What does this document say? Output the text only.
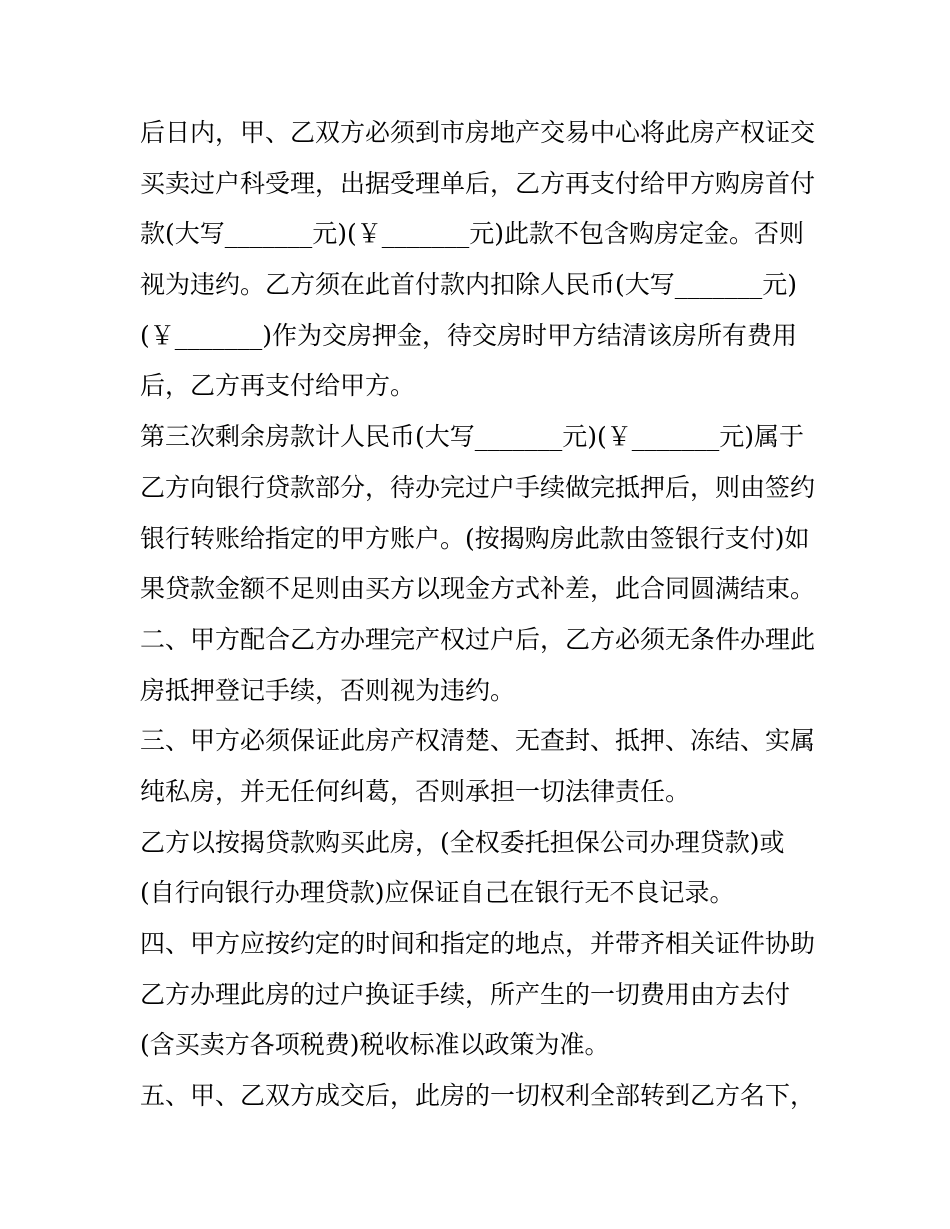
后日内，甲、乙双方必须到市房地产交易中心将此房产权证交
买卖过户科受理，出据受理单后，乙方再支付给甲方购房首付
款(大写_______元)(￥_______元)此款不包含购房定金。否则
视为违约。乙方须在此首付款内扣除人民币(大写_______元)
(￥_______)作为交房押金，待交房时甲方结清该房所有费用
后，乙方再支付给甲方。
第三次剩余房款计人民币(大写_______元)(￥_______元)属于
乙方向银行贷款部分，待办完过户手续做完抵押后，则由签约
银行转账给指定的甲方账户。(按揭购房此款由签银行支付)如
果贷款金额不足则由买方以现金方式补差，此合同圆满结束。
二、甲方配合乙方办理完产权过户后，乙方必须无条件办理此
房抵押登记手续，否则视为违约。
三、甲方必须保证此房产权清楚、无查封、抵押、冻结、实属
纯私房，并无任何纠葛，否则承担一切法律责任。
乙方以按揭贷款购买此房，(全权委托担保公司办理贷款)或
(自行向银行办理贷款)应保证自己在银行无不良记录。
四、甲方应按约定的时间和指定的地点，并带齐相关证件协助
乙方办理此房的过户换证手续，所产生的一切费用由方去付
(含买卖方各项税费)税收标准以政策为准。
五、甲、乙双方成交后，此房的一切权利全部转到乙方名下，
